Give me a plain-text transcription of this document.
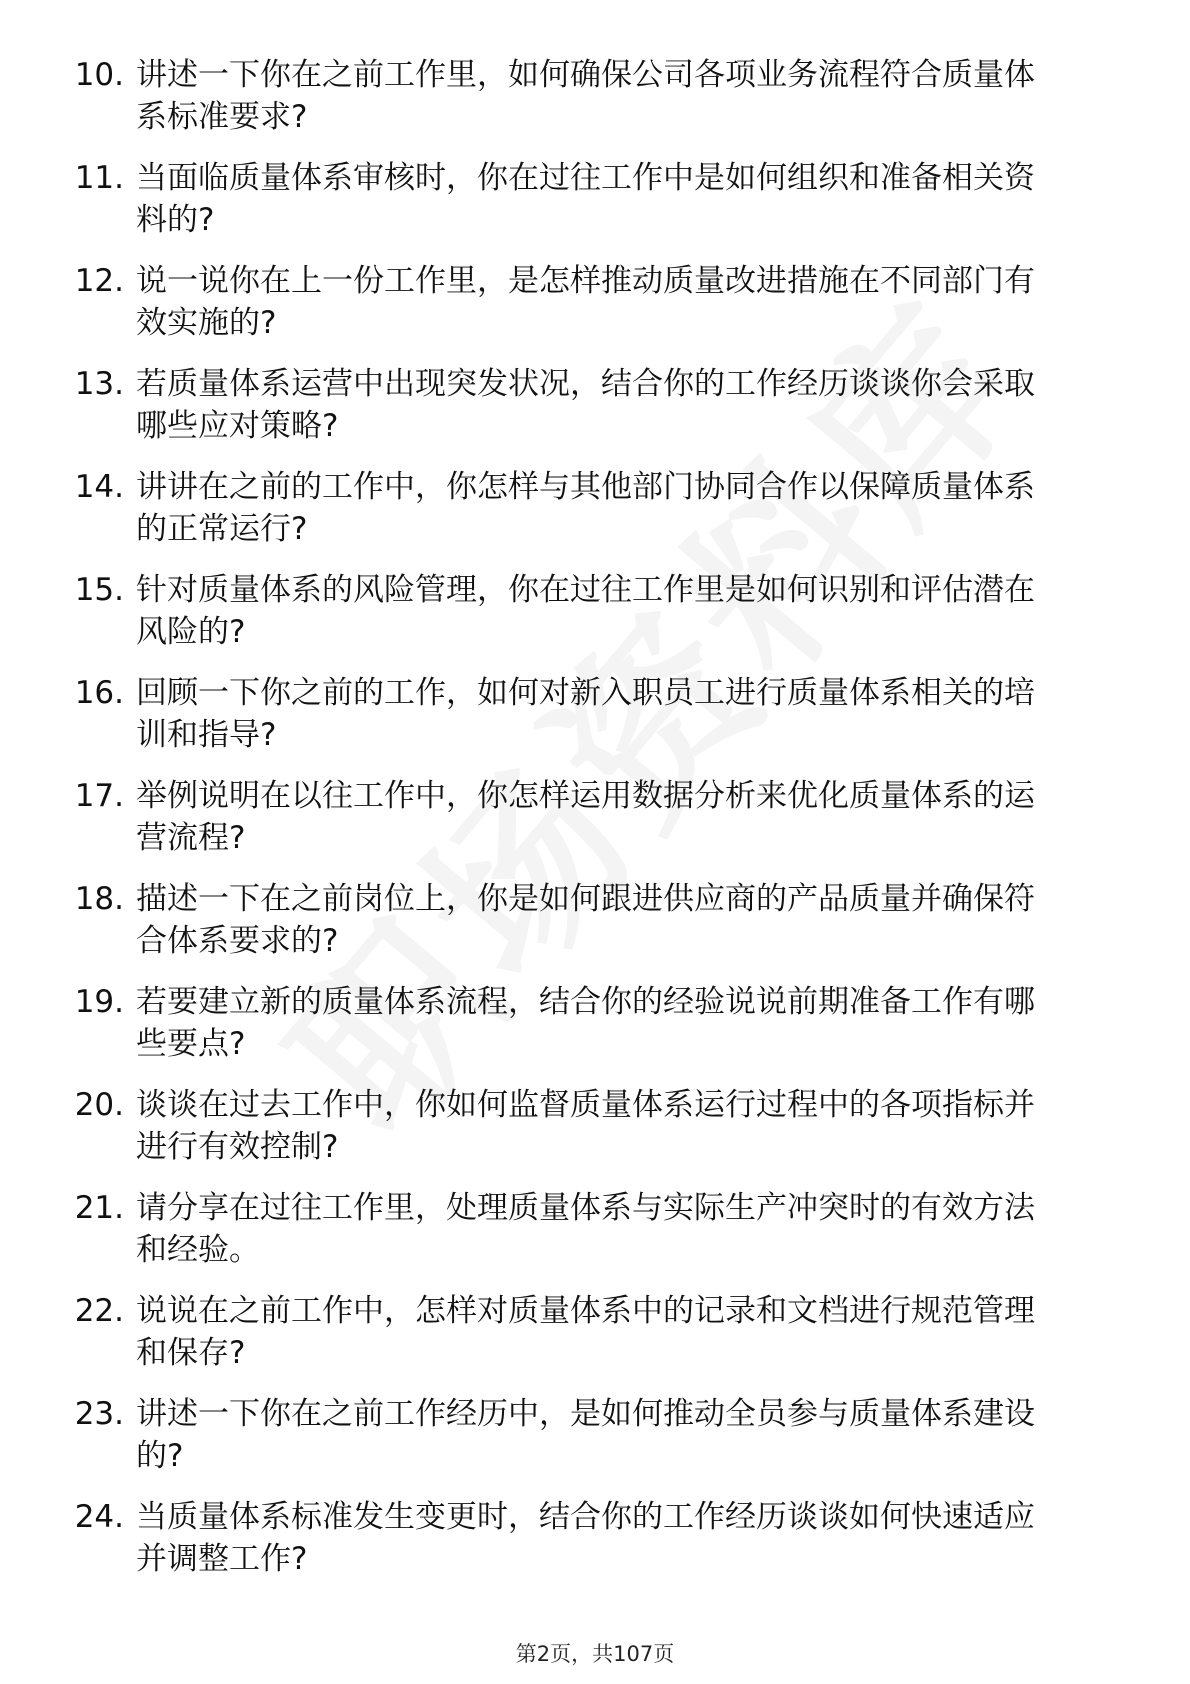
10. 讲述一下你在之前工作里，如何确保公司各项业务流程符合质量体系标准要求?
11. 当面临质量体系审核时，你在过往工作中是如何组织和准备相关资料的?
12. 说一说你在上一份工作里，是怎样推动质量改进措施在不同部门有效实施的?
13. 若质量体系运营中出现突发状况，结合你的工作经历谈谈你会采取哪些应对策略?
14. 讲讲在之前的工作中，你怎样与其他部门协同合作以保障质量体系的正常运行?
15. 针对质量体系的风险管理，你在过往工作里是如何识别和评估潜在风险的?
16. 回顾一下你之前的工作，如何对新入职员工进行质量体系相关的培训和指导?
17. 举例说明在以往工作中，你怎样运用数据分析来优化质量体系的运营流程?
18. 描述一下在之前岗位上，你是如何跟进供应商的产品质量并确保符合体系要求的?
19. 若要建立新的质量体系流程，结合你的经验说说前期准备工作有哪些要点?
20. 谈谈在过去工作中，你如何监督质量体系运行过程中的各项指标并进行有效控制?
21. 请分享在过往工作里，处理质量体系与实际生产冲突时的有效方法和经验。
22. 说说在之前工作中，怎样对质量体系中的记录和文档进行规范管理和保存?
23. 讲述一下你在之前工作经历中，是如何推动全员参与质量体系建设的?
24. 当质量体系标准发生变更时，结合你的工作经历谈谈如何快速适应并调整工作?
第2页，共107页
